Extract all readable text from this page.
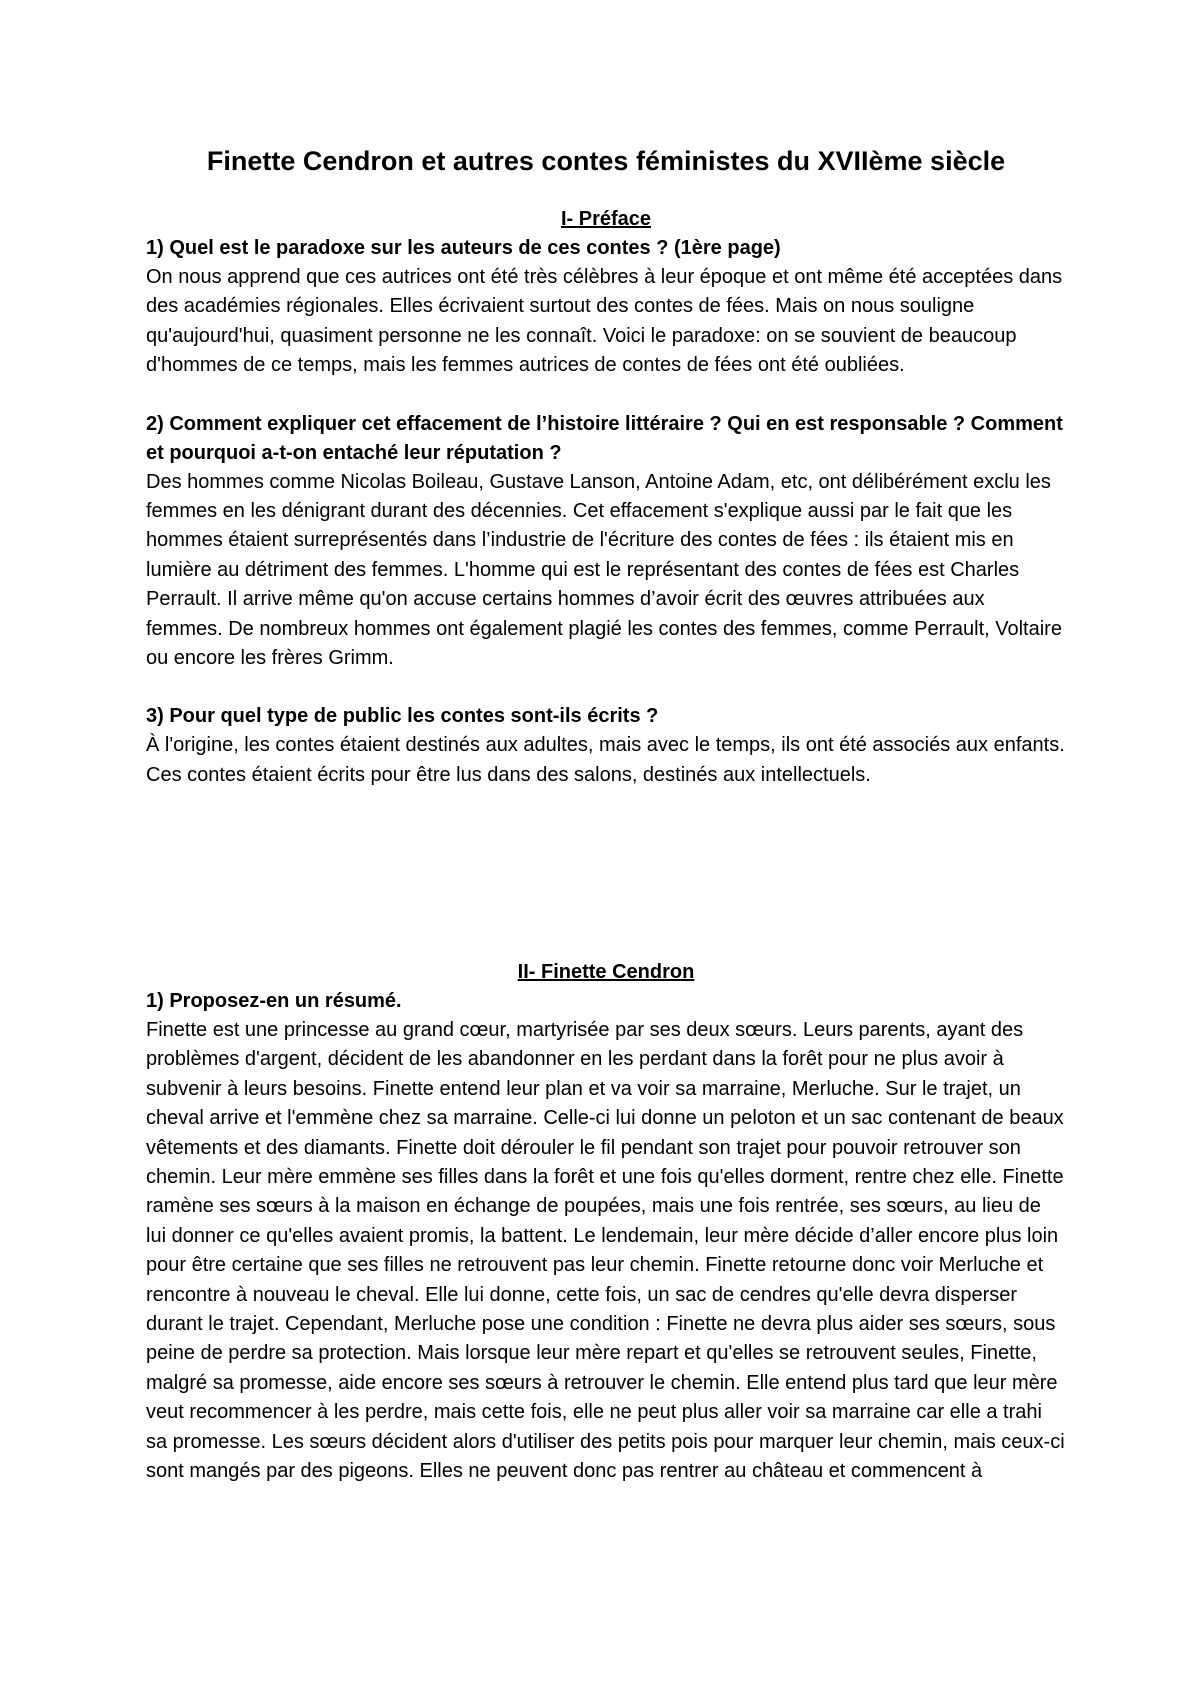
Finette Cendron et autres contes féministes du XVIIème siècle
I- Préface

1) Quel est le paradoxe sur les auteurs de ces contes ? (1ère page)

On nous apprend que ces autrices ont été très célèbres à leur époque et ont même été acceptées dans des académies régionales. Elles écrivaient surtout des contes de fées. Mais on nous souligne qu'aujourd'hui, quasiment personne ne les connaît. Voici le paradoxe: on se souvient de beaucoup d'hommes de ce temps, mais les femmes autrices de contes de fées ont été oubliées.

2) Comment expliquer cet effacement de l’histoire littéraire ? Qui en est responsable ? Comment et pourquoi a-t-on entaché leur réputation ?

Des hommes comme Nicolas Boileau, Gustave Lanson, Antoine Adam, etc, ont délibérément exclu les femmes en les dénigrant durant des décennies. Cet effacement s'explique aussi par le fait que les hommes étaient surreprésentés dans l’industrie de l'écriture des contes de fées : ils étaient mis en lumière au détriment des femmes. L'homme qui est le représentant des contes de fées est Charles Perrault. Il arrive même qu'on accuse certains hommes d’avoir écrit des œuvres attribuées aux femmes. De nombreux hommes ont également plagié les contes des femmes, comme Perrault, Voltaire ou encore les frères Grimm.

3) Pour quel type de public les contes sont-ils écrits ?

À l'origine, les contes étaient destinés aux adultes, mais avec le temps, ils ont été associés aux enfants. Ces contes étaient écrits pour être lus dans des salons, destinés aux intellectuels.

II- Finette Cendron

1) Proposez-en un résumé.

Finette est une princesse au grand cœur, martyrisée par ses deux sœurs. Leurs parents, ayant des problèmes d'argent, décident de les abandonner en les perdant dans la forêt pour ne plus avoir à subvenir à leurs besoins. Finette entend leur plan et va voir sa marraine, Merluche. Sur le trajet, un cheval arrive et l'emmène chez sa marraine. Celle-ci lui donne un peloton et un sac contenant de beaux vêtements et des diamants. Finette doit dérouler le fil pendant son trajet pour pouvoir retrouver son chemin. Leur mère emmène ses filles dans la forêt et une fois qu'elles dorment, rentre chez elle. Finette ramène ses sœurs à la maison en échange de poupées, mais une fois rentrée, ses sœurs, au lieu de lui donner ce qu'elles avaient promis, la battent. Le lendemain, leur mère décide d’aller encore plus loin pour être certaine que ses filles ne retrouvent pas leur chemin. Finette retourne donc voir Merluche et rencontre à nouveau le cheval. Elle lui donne, cette fois, un sac de cendres qu'elle devra disperser durant le trajet. Cependant, Merluche pose une condition : Finette ne devra plus aider ses sœurs, sous peine de perdre sa protection. Mais lorsque leur mère repart et qu'elles se retrouvent seules, Finette, malgré sa promesse, aide encore ses sœurs à retrouver le chemin. Elle entend plus tard que leur mère veut recommencer à les perdre, mais cette fois, elle ne peut plus aller voir sa marraine car elle a trahi sa promesse. Les sœurs décident alors d'utiliser des petits pois pour marquer leur chemin, mais ceux-ci sont mangés par des pigeons. Elles ne peuvent donc pas rentrer au château et commencent à
